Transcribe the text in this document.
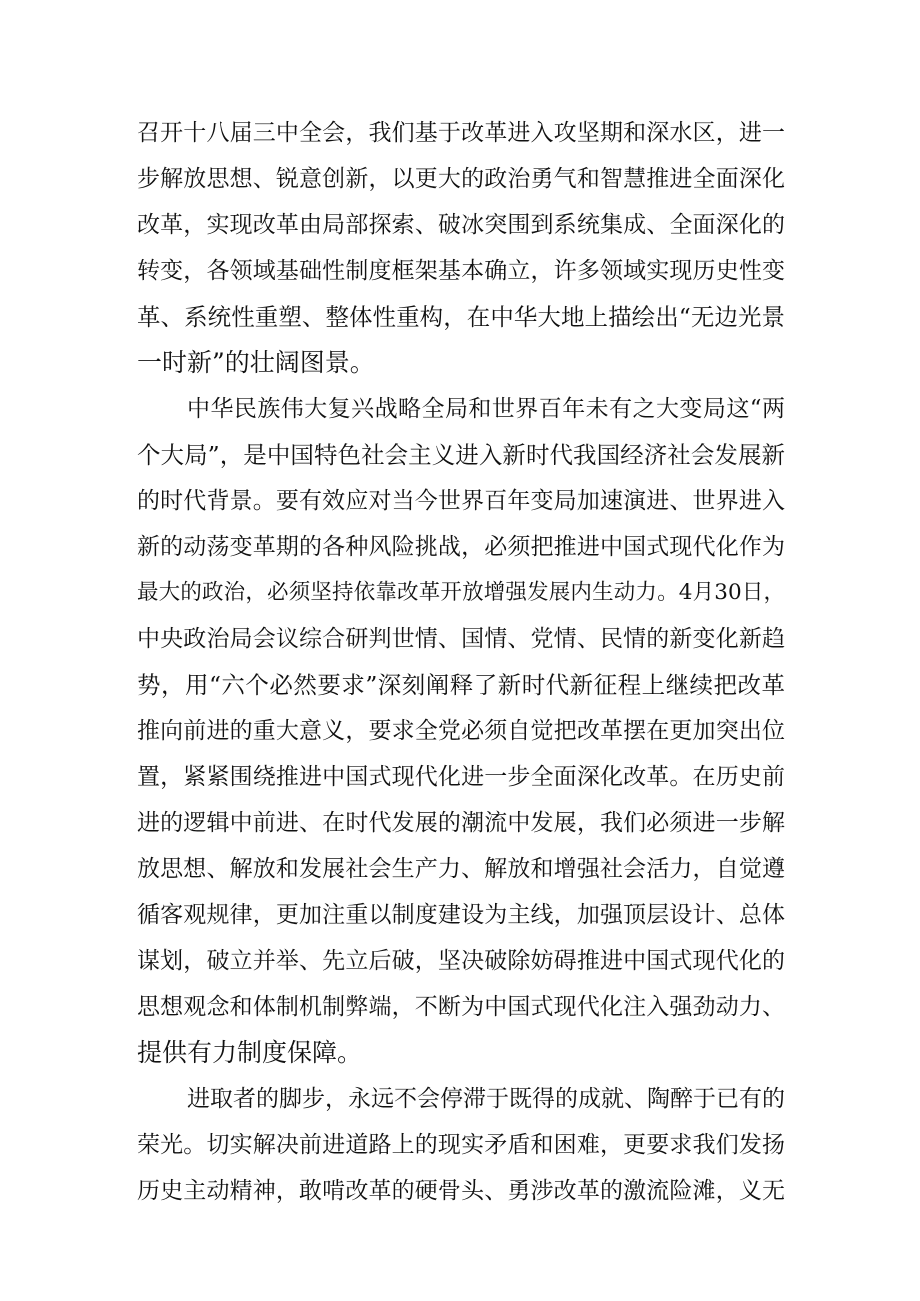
召开十八届三中全会，我们基于改革进入攻坚期和深水区，进一
步解放思想、锐意创新，以更大的政治勇气和智慧推进全面深化
改革，实现改革由局部探索、破冰突围到系统集成、全面深化的
转变，各领域基础性制度框架基本确立，许多领域实现历史性变
革、系统性重塑、整体性重构，在中华大地上描绘出“无边光景
一时新”的壮阔图景。
中华民族伟大复兴战略全局和世界百年未有之大变局这“两
个大局”，是中国特色社会主义进入新时代我国经济社会发展新
的时代背景。要有效应对当今世界百年变局加速演进、世界进入
新的动荡变革期的各种风险挑战，必须把推进中国式现代化作为
最大的政治，必须坚持依靠改革开放增强发展内生动力。4月30日，
中央政治局会议综合研判世情、国情、党情、民情的新变化新趋
势，用“六个必然要求”深刻阐释了新时代新征程上继续把改革
推向前进的重大意义，要求全党必须自觉把改革摆在更加突出位
置，紧紧围绕推进中国式现代化进一步全面深化改革。在历史前
进的逻辑中前进、在时代发展的潮流中发展，我们必须进一步解
放思想、解放和发展社会生产力、解放和增强社会活力，自觉遵
循客观规律，更加注重以制度建设为主线，加强顶层设计、总体
谋划，破立并举、先立后破，坚决破除妨碍推进中国式现代化的
思想观念和体制机制弊端，不断为中国式现代化注入强劲动力、
提供有力制度保障。
进取者的脚步，永远不会停滞于既得的成就、陶醉于已有的
荣光。切实解决前进道路上的现实矛盾和困难，更要求我们发扬
历史主动精神，敢啃改革的硬骨头、勇涉改革的激流险滩，义无
